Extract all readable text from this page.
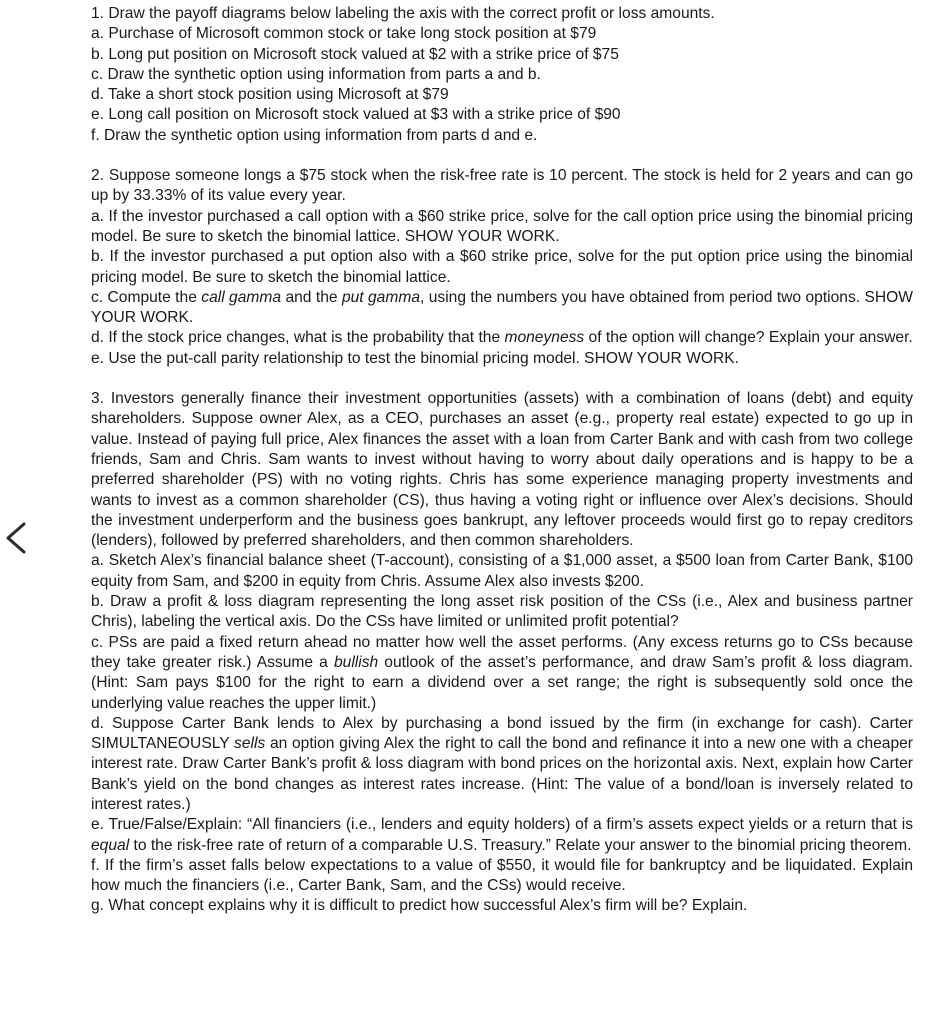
1. Draw the payoff diagrams below labeling the axis with the correct profit or loss amounts.

a. Purchase of Microsoft common stock or take long stock position at $79

b. Long put position on Microsoft stock valued at $2 with a strike price of $75

c. Draw the synthetic option using information from parts a and b.

d. Take a short stock position using Microsoft at $79

e. Long call position on Microsoft stock valued at $3 with a strike price of $90

f. Draw the synthetic option using information from parts d and e.

2. Suppose someone longs a $75 stock when the risk-free rate is 10 percent. The stock is held for 2 years and can go up by 33.33% of its value every year.

a. If the investor purchased a call option with a $60 strike price, solve for the call option price using the binomial pricing model. Be sure to sketch the binomial lattice. SHOW YOUR WORK.

b. If the investor purchased a put option also with a $60 strike price, solve for the put option price using the binomial pricing model. Be sure to sketch the binomial lattice.

c. Compute the call gamma and the put gamma, using the numbers you have obtained from period two options. SHOW YOUR WORK.

d. If the stock price changes, what is the probability that the moneyness of the option will change? Explain your answer.

e. Use the put-call parity relationship to test the binomial pricing model. SHOW YOUR WORK.

3. Investors generally finance their investment opportunities (assets) with a combination of loans (debt) and equity shareholders. Suppose owner Alex, as a CEO, purchases an asset (e.g., property real estate) expected to go up in value. Instead of paying full price, Alex finances the asset with a loan from Carter Bank and with cash from two college friends, Sam and Chris. Sam wants to invest without having to worry about daily operations and is happy to be a preferred shareholder (PS) with no voting rights. Chris has some experience managing property investments and wants to invest as a common shareholder (CS), thus having a voting right or influence over Alex’s decisions. Should the investment underperform and the business goes bankrupt, any leftover proceeds would first go to repay creditors (lenders), followed by preferred shareholders, and then common shareholders.

a. Sketch Alex’s financial balance sheet (T-account), consisting of a $1,000 asset, a $500 loan from Carter Bank, $100 equity from Sam, and $200 in equity from Chris. Assume Alex also invests $200.

b. Draw a profit & loss diagram representing the long asset risk position of the CSs (i.e., Alex and business partner Chris), labeling the vertical axis. Do the CSs have limited or unlimited profit potential?

c. PSs are paid a fixed return ahead no matter how well the asset performs. (Any excess returns go to CSs because they take greater risk.) Assume a bullish outlook of the asset’s performance, and draw Sam’s profit & loss diagram. (Hint: Sam pays $100 for the right to earn a dividend over a set range; the right is subsequently sold once the underlying value reaches the upper limit.)

d. Suppose Carter Bank lends to Alex by purchasing a bond issued by the firm (in exchange for cash). Carter SIMULTANEOUSLY sells an option giving Alex the right to call the bond and refinance it into a new one with a cheaper interest rate. Draw Carter Bank’s profit & loss diagram with bond prices on the horizontal axis. Next, explain how Carter Bank’s yield on the bond changes as interest rates increase. (Hint: The value of a bond/loan is inversely related to interest rates.)

e. True/False/Explain: “All financiers (i.e., lenders and equity holders) of a firm’s assets expect yields or a return that is equal to the risk-free rate of return of a comparable U.S. Treasury.” Relate your answer to the binomial pricing theorem.

f. If the firm’s asset falls below expectations to a value of $550, it would file for bankruptcy and be liquidated. Explain how much the financiers (i.e., Carter Bank, Sam, and the CSs) would receive.

g. What concept explains why it is difficult to predict how successful Alex’s firm will be? Explain.
